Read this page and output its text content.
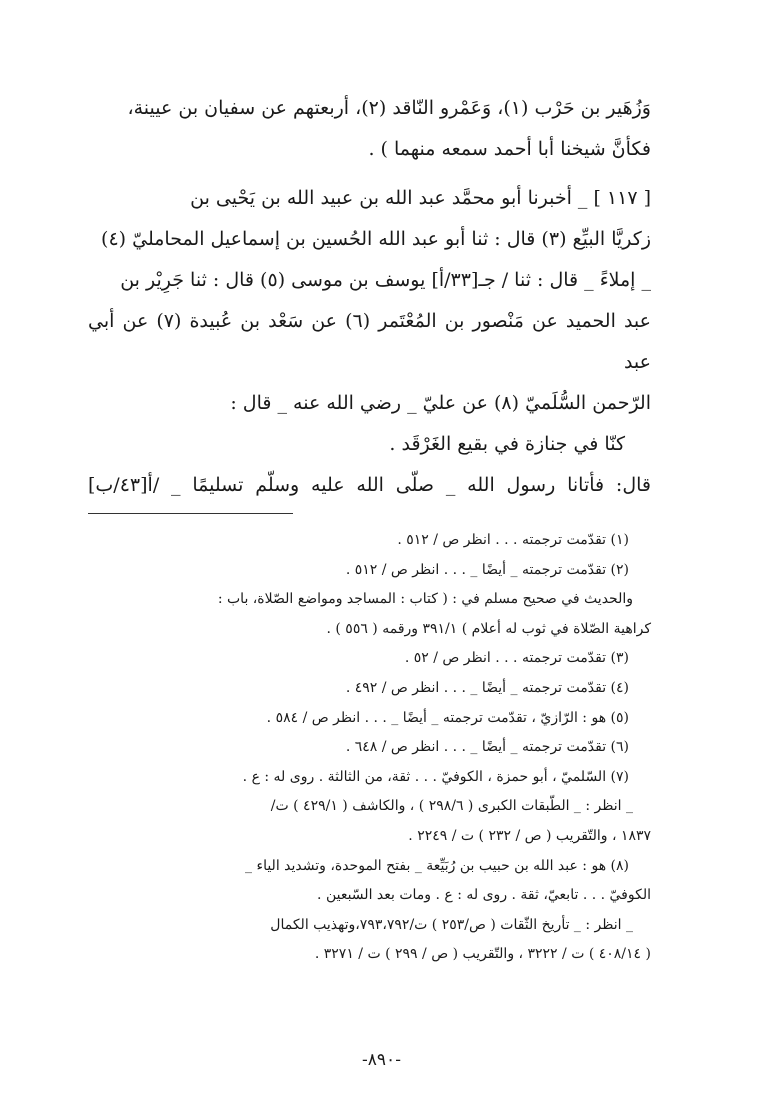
وَزُهَير بن حَرْب (١)، وَعَمْرو النّاقد (٢)، أربعتهم عن سفيان بن عيينة،

فكأنَّ شيخنا أبا أحمد سمعه منهما ) .

[ ١١٧ ] _ أخبرنا أبو محمَّد عبد الله بن عبيد الله بن يَحْيى بن

زكريَّا البيِّع (٣) قال : ثنا أبو عبد الله الحُسين بن إسماعيل المحامليّ (٤)

_ إملاءً _ قال : ثنا / جـ[٣٣/أ] يوسف بن موسى (٥) قال : ثنا جَرِيْر بن

عبد الحميد عن مَنْصور بن المُعْتَمر (٦) عن سَعْد بن عُبيدة (٧) عن أبي عبد

الرّحمن السُّلَميّ (٨) عن عليّ _ رضي الله عنه _ قال :

كنّا في جنازة في بقيع الغَرْقَد .

قال: فأتانا رسول الله _ صلّى الله عليه وسلّم تسليمًا _ /أ[٤٣/ب]

(١) تقدّمت ترجمته . . . انظر ص / ٥١٢ .

(٢) تقدّمت ترجمته _ أيضًا _ . . . انظر ص / ٥١٢ .

والحديث في صحيح مسلم في : ( كتاب : المساجد ومواضع الصّلاة، باب :

كراهية الصّلاة في ثوب له أعلام ) ٣٩١/١ ورقمه ( ٥٥٦ ) .

(٣) تقدّمت ترجمته . . . انظر ص / ٥٢ .

(٤) تقدّمت ترجمته _ أيضًا _ . . . انظر ص / ٤٩٢ .

(٥) هو : الرّازيّ ، تقدّمت ترجمته _ أيضًا _ . . . انظر ص / ٥٨٤ .

(٦) تقدّمت ترجمته _ أيضًا _ . . . انظر ص / ٦٤٨ .

(٧) السّلميّ ، أبو حمزة ، الكوفيّ . . . ثقة، من الثالثة . روى له : ع .

_ انظر : _ الطّبقات الكبرى ( ٢٩٨/٦ ) ، والكاشف ( ٤٢٩/١ ) ت/

١٨٣٧ ، والتّقريب ( ص / ٢٣٢ ) ت / ٢٢٤٩ .

(٨) هو : عبد الله بن حبيب بن رُبَيِّعة _ بفتح الموحدة، وتشديد الياء _

الكوفيّ . . . تابعيّ، ثقة . روى له : ع . ومات بعد السّبعين .

_ انظر : _ تأريخ الثّقات ( ص/٢٥٣ ) ت/٧٩٣،٧٩٢،وتهذيب الكمال

( ٤٠٨/١٤ ) ت / ٣٢٢٢ ، والتّقريب ( ص / ٢٩٩ ) ت / ٣٢٧١ .

-٨٩٠-
